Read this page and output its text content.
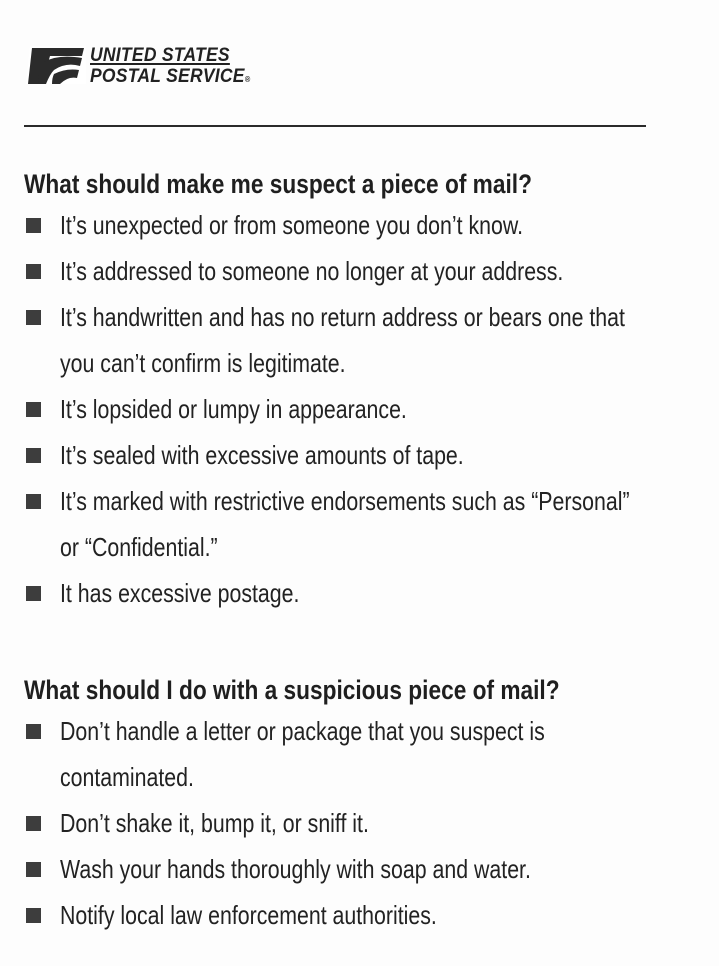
UNITED STATES
POSTAL SERVICE®
What should make me suspect a piece of mail?
It’s unexpected or from someone you don’t know.
It’s addressed to someone no longer at your address.
It’s handwritten and has no return address or bears one that you can’t confirm is legitimate.
It’s lopsided or lumpy in appearance.
It’s sealed with excessive amounts of tape.
It’s marked with restrictive endorsements such as “Personal” or “Confidential.”
It has excessive postage.
What should I do with a suspicious piece of mail?
Don’t handle a letter or package that you suspect is contaminated.
Don’t shake it, bump it, or sniff it.
Wash your hands thoroughly with soap and water.
Notify local law enforcement authorities.
